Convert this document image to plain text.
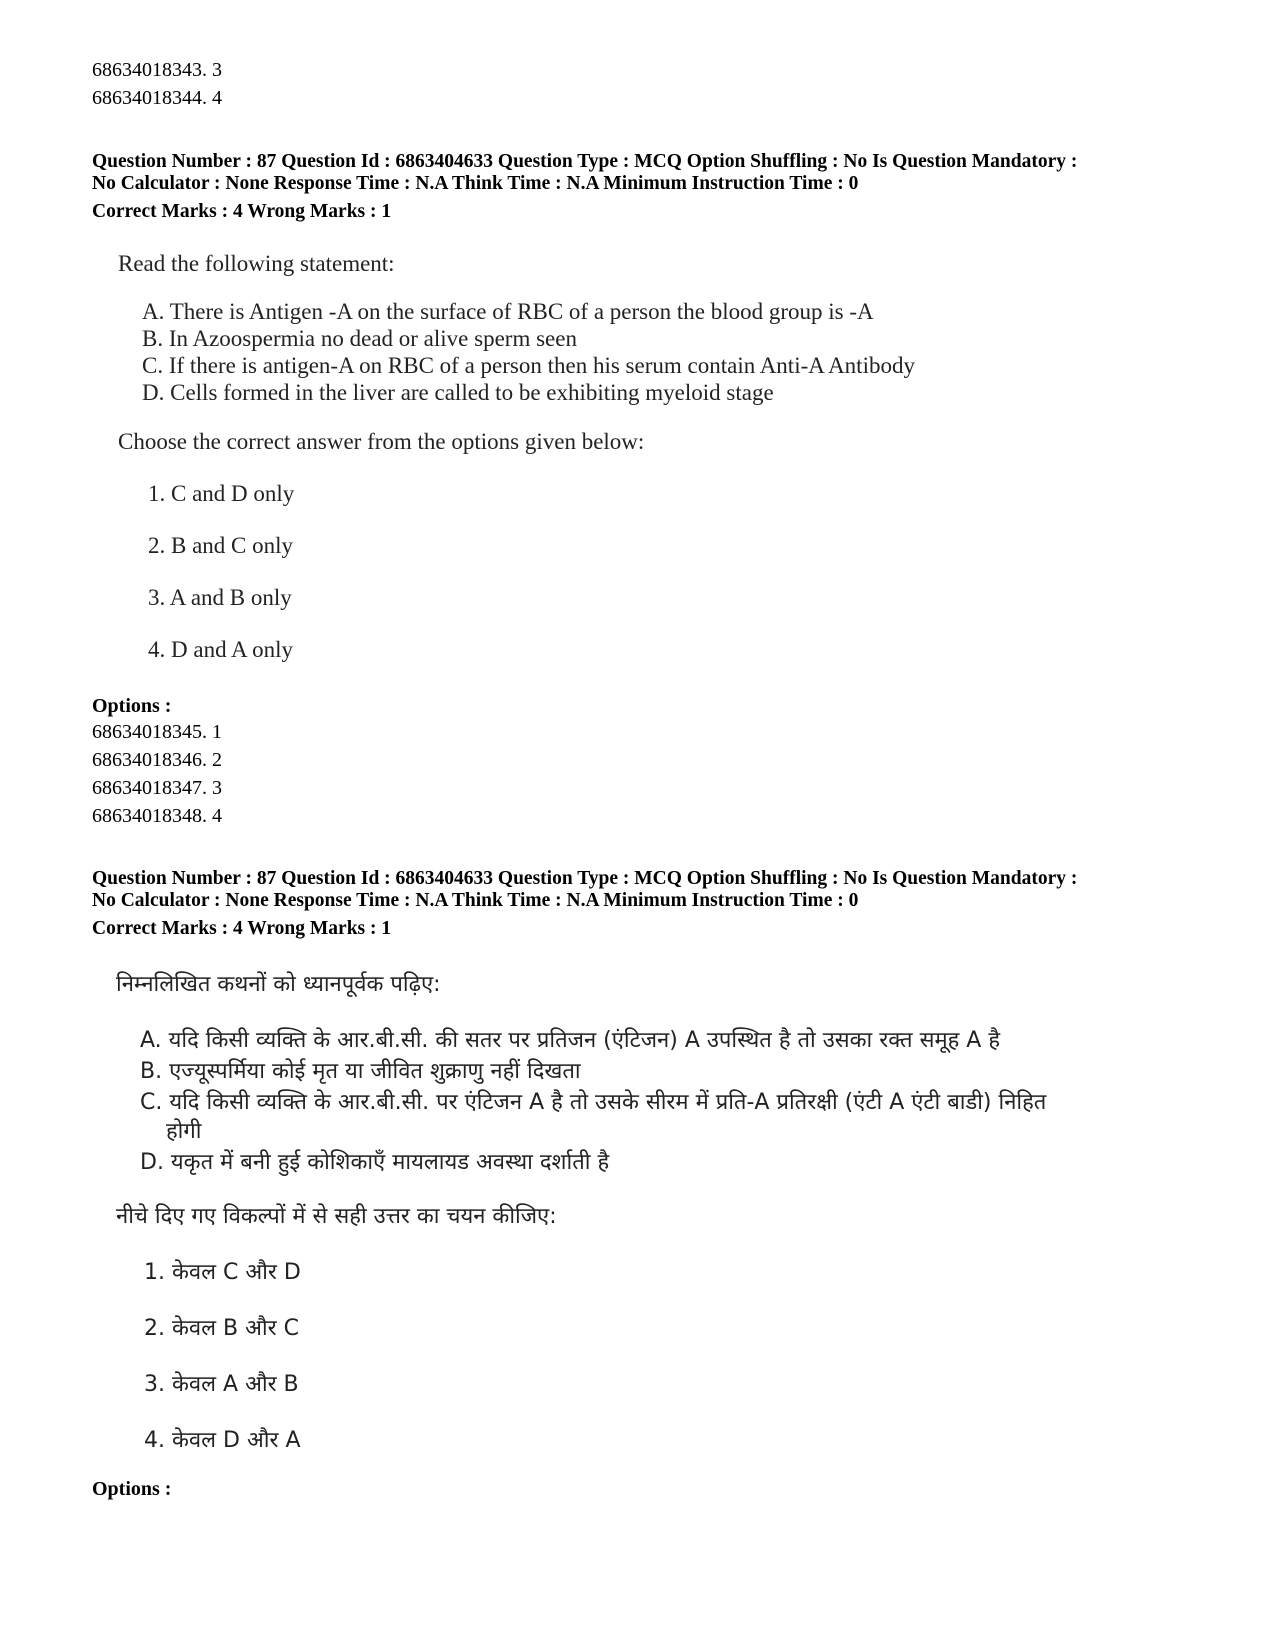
68634018343. 3
68634018344. 4
Question Number : 87 Question Id : 6863404633 Question Type : MCQ Option Shuffling : No Is Question Mandatory :
No Calculator : None Response Time : N.A Think Time : N.A Minimum Instruction Time : 0
Correct Marks : 4 Wrong Marks : 1
Read the following statement:
A. There is Antigen -A on the surface of RBC of a person the blood group is -A
B. In Azoospermia no dead or alive sperm seen
C. If there is antigen-A on RBC of a person then his serum contain Anti-A Antibody
D. Cells formed in the liver are called to be exhibiting myeloid stage
Choose the correct answer from the options given below:
1. C and D only
2. B and C only
3. A and B only
4. D and A only
Options :
68634018345. 1
68634018346. 2
68634018347. 3
68634018348. 4
Question Number : 87 Question Id : 6863404633 Question Type : MCQ Option Shuffling : No Is Question Mandatory :
No Calculator : None Response Time : N.A Think Time : N.A Minimum Instruction Time : 0
Correct Marks : 4 Wrong Marks : 1
निम्नलिखित कथनों को ध्यानपूर्वक पढ़िए:
A. यदि किसी व्यक्ति के आर.बी.सी. की सतर पर प्रतिजन (एंटिजन) A उपस्थित है तो उसका रक्त समूह A है
B. एज्यूस्पर्मिया कोई मृत या जीवित शुक्राणु नहीं दिखता
C. यदि किसी व्यक्ति के आर.बी.सी. पर एंटिजन A है तो उसके सीरम में प्रति-A प्रतिरक्षी (एंटी A एंटी बाडी) निहित
होगी
D. यकृत में बनी हुई कोशिकाएँ मायलायड अवस्था दर्शाती है
नीचे दिए गए विकल्पों में से सही उत्तर का चयन कीजिए:
1. केवल C और D
2. केवल B और C
3. केवल A और B
4. केवल D और A
Options :
